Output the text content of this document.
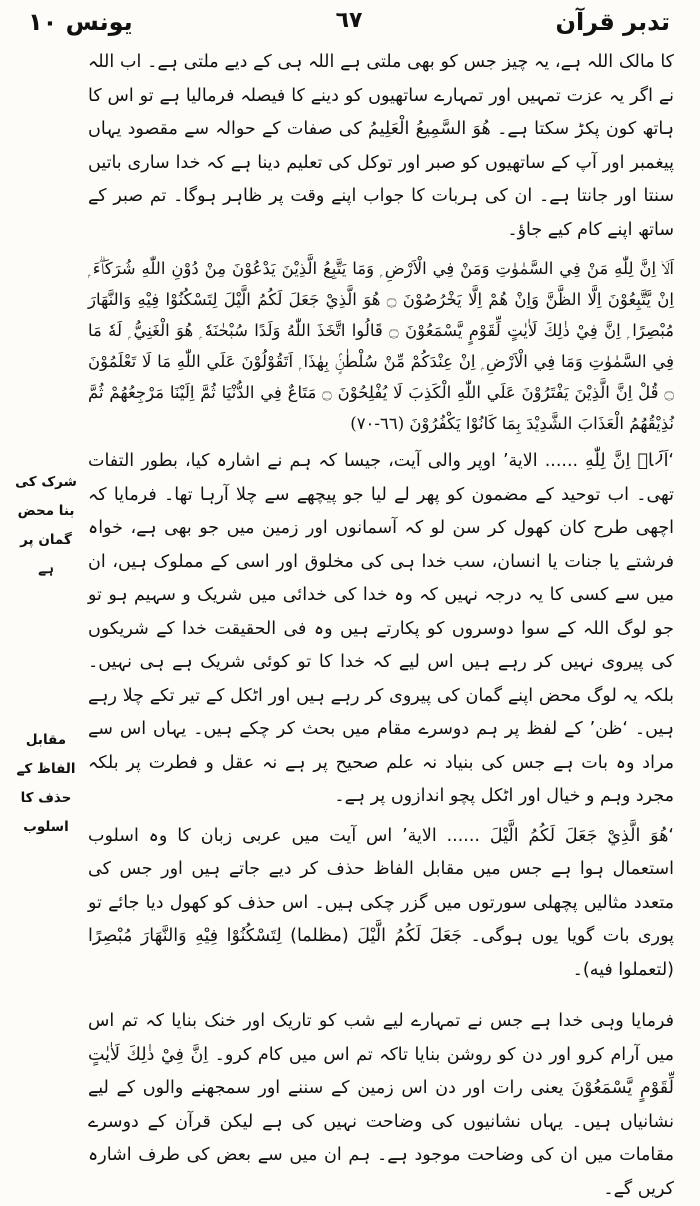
تدبر قرآن
٦٧
یونس ١٠

کا مالک اللہ ہے، یہ چیز جس کو بھی ملتی ہے اللہ ہی کے دیے ملتی ہے۔ اب اللہ نے اگر یہ عزت تمہیں اور تمہارے ساتھیوں کو دینے کا فیصلہ فرمالیا ہے تو اس کا ہاتھ کون پکڑ سکتا ہے۔ هُوَ السَّمِيعُ الْعَلِيمُ کی صفات کے حوالہ سے مقصود یہاں پیغمبر اور آپ کے ساتھیوں کو صبر اور توکل کی تعلیم دینا ہے کہ خدا ساری باتیں سنتا اور جانتا ہے۔ ان کی ہربات کا جواب اپنے وقت پر ظاہر ہوگا۔ تم صبر کے ساتھ اپنے کام کیے جاؤ۔

اَلَاۤ اِنَّ لِلّٰهِ مَنْ فِي السَّمٰوٰتِ وَمَنْ فِي الْاَرْضِ ۭ وَمَا يَتَّبِعُ الَّذِيْنَ يَدْعُوْنَ مِنْ دُوْنِ اللّٰهِ شُرَكَاۗءَ ۭ اِنْ يَّتَّبِعُوْنَ اِلَّا الظَّنَّ وَاِنْ هُمْ اِلَّا يَخْرُصُوْنَ ۝ هُوَ الَّذِيْ جَعَلَ لَكُمُ الَّيْلَ لِتَسْكُنُوْا فِيْهِ وَالنَّهَارَ مُبْصِرًا ۭ اِنَّ فِيْ ذٰلِكَ لَاٰيٰتٍ لِّقَوْمٍ يَّسْمَعُوْنَ ۝ قَالُوا اتَّخَذَ اللّٰهُ وَلَدًا سُبْحٰنَهٗ ۭ هُوَ الْغَنِيُّ ۭ لَهٗ مَا فِي السَّمٰوٰتِ وَمَا فِي الْاَرْضِ ۭ اِنْ عِنْدَكُمْ مِّنْ سُلْطٰنٍۢ بِهٰذَا ۭ اَتَقُوْلُوْنَ عَلَي اللّٰهِ مَا لَا تَعْلَمُوْنَ ۝ قُلْ اِنَّ الَّذِيْنَ يَفْتَرُوْنَ عَلَي اللّٰهِ الْكَذِبَ لَا يُفْلِحُوْنَ ۝ مَتَاعٌ فِي الدُّنْيَا ثُمَّ اِلَيْنَا مَرْجِعُهُمْ ثُمَّ نُذِيْقُهُمُ الْعَذَابَ الشَّدِيْدَ بِمَا كَانُوْا يَكْفُرُوْنَ (٦٦-٧٠)

‘اَلَاۤ اِنَّ لِلّٰهِ ...... الاية’ اوپر والی آیت، جیسا کہ ہم نے اشارہ کیا، بطور التفات تھی۔ اب توحید کے مضمون کو پھر لے لیا جو پیچھے سے چلا آرہا تھا۔ فرمایا کہ اچھی طرح کان کھول کر سن لو کہ آسمانوں اور زمین میں جو بھی ہے، خواہ فرشتے یا جنات یا انسان، سب خدا ہی کی مخلوق اور اسی کے مملوک ہیں، ان میں سے کسی کا یہ درجہ نہیں کہ وہ خدا کی خدائی میں شریک و سہیم ہو تو جو لوگ اللہ کے سوا دوسروں کو پکارتے ہیں وہ فی الحقیقت خدا کے شریکوں کی پیروی نہیں کر رہے ہیں اس لیے کہ خدا کا تو کوئی شریک ہے ہی نہیں۔ بلکہ یہ لوگ محض اپنے گمان کی پیروی کر رہے ہیں اور اٹکل کے تیر تکے چلا رہے ہیں۔ ‘ظن’ کے لفظ پر ہم دوسرے مقام میں بحث کر چکے ہیں۔ یہاں اس سے مراد وہ بات ہے جس کی بنیاد نہ علم صحیح پر ہے نہ عقل و فطرت پر بلکہ مجرد وہم و خیال اور اٹکل پچو اندازوں پر ہے۔

‘هُوَ الَّذِيْ جَعَلَ لَكُمُ الَّيْلَ ...... الاية’ اس آیت میں عربی زبان کا وہ اسلوب استعمال ہوا ہے جس میں مقابل الفاظ حذف کر دیے جاتے ہیں اور جس کی متعدد مثالیں پچھلی سورتوں میں گزر چکی ہیں۔ اس حذف کو کھول دیا جائے تو پوری بات گویا یوں ہوگی۔ جَعَلَ لَكُمُ الَّيْلَ (مظلما) لِتَسْكُنُوْا فِيْهِ وَالنَّهَارَ مُبْصِرًا (لتعملوا فيه)۔

فرمایا وہی خدا ہے جس نے تمہارے لیے شب کو تاریک اور خنک بنایا کہ تم اس میں آرام کرو اور دن کو روشن بنایا تاکہ تم اس میں کام کرو۔ اِنَّ فِيْ ذٰلِكَ لَاٰيٰتٍ لِّقَوْمٍ يَّسْمَعُوْنَ یعنی رات اور دن اس زمین کے سننے اور سمجھنے والوں کے لیے نشانیاں ہیں۔ یہاں نشانیوں کی وضاحت نہیں کی ہے لیکن قرآن کے دوسرے مقامات میں ان کی وضاحت موجود ہے۔ ہم ان میں سے بعض کی طرف اشارہ کریں گے۔

شرک کی بنا محض گمان پر ہے
مقابل الفاظ کے حذف کا اسلوب
